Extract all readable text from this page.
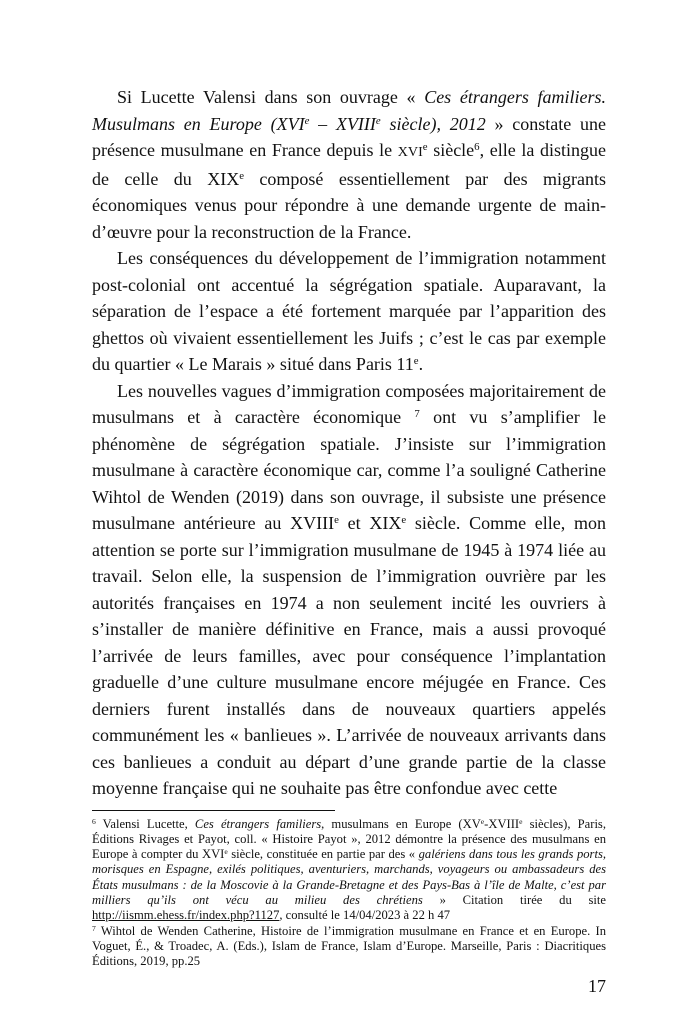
Si Lucette Valensi dans son ouvrage « Ces étrangers familiers. Musulmans en Europe (XVIe – XVIIIe siècle), 2012 » constate une présence musulmane en France depuis le XVIe siècle$^6$, elle la distingue de celle du XIXe composé essentiellement par des migrants économiques venus pour répondre à une demande urgente de main-d’œuvre pour la reconstruction de la France.

Les conséquences du développement de l’immigration notamment post-colonial ont accentué la ségrégation spatiale. Auparavant, la séparation de l’espace a été fortement marquée par l’apparition des ghettos où vivaient essentiellement les Juifs ; c’est le cas par exemple du quartier « Le Marais » situé dans Paris 11e.

Les nouvelles vagues d’immigration composées majoritairement de musulmans et à caractère économique $^7$ ont vu s’amplifier le phénomène de ségrégation spatiale. J’insiste sur l’immigration musulmane à caractère économique car, comme l’a souligné Catherine Wihtol de Wenden (2019) dans son ouvrage, il subsiste une présence musulmane antérieure au XVIIIe et XIXe siècle. Comme elle, mon attention se porte sur l’immigration musulmane de 1945 à 1974 liée au travail. Selon elle, la suspension de l’immigration ouvrière par les autorités françaises en 1974 a non seulement incité les ouvriers à s’installer de manière définitive en France, mais a aussi provoqué l’arrivée de leurs familles, avec pour conséquence l’implantation graduelle d’une culture musulmane encore méjugée en France. Ces derniers furent installés dans de nouveaux quartiers appelés communément les « banlieues ». L’arrivée de nouveaux arrivants dans ces banlieues a conduit au départ d’une grande partie de la classe moyenne française qui ne souhaite pas être confondue avec cette

$^6$ Valensi Lucette, Ces étrangers familiers, musulmans en Europe (XVe-XVIIIe siècles), Paris, Éditions Rivages et Payot, coll. « Histoire Payot », 2012 démontre la présence des musulmans en Europe à compter du XVIe siècle, constituée en partie par des « galériens dans tous les grands ports, morisques en Espagne, exilés politiques, aventuriers, marchands, voyageurs ou ambassadeurs des États musulmans : de la Moscovie à la Grande-Bretagne et des Pays-Bas à l’île de Malte, c’est par milliers qu’ils ont vécu au milieu des chrétiens » Citation tirée du site http://iismm.ehess.fr/index.php?1127, consulté le 14/04/2023 à 22 h 47

$^7$ Wihtol de Wenden Catherine, Histoire de l’immigration musulmane en France et en Europe. In Voguet, É., & Troadec, A. (Eds.), Islam de France, Islam d’Europe. Marseille, Paris : Diacritiques Éditions, 2019, pp.25

17
